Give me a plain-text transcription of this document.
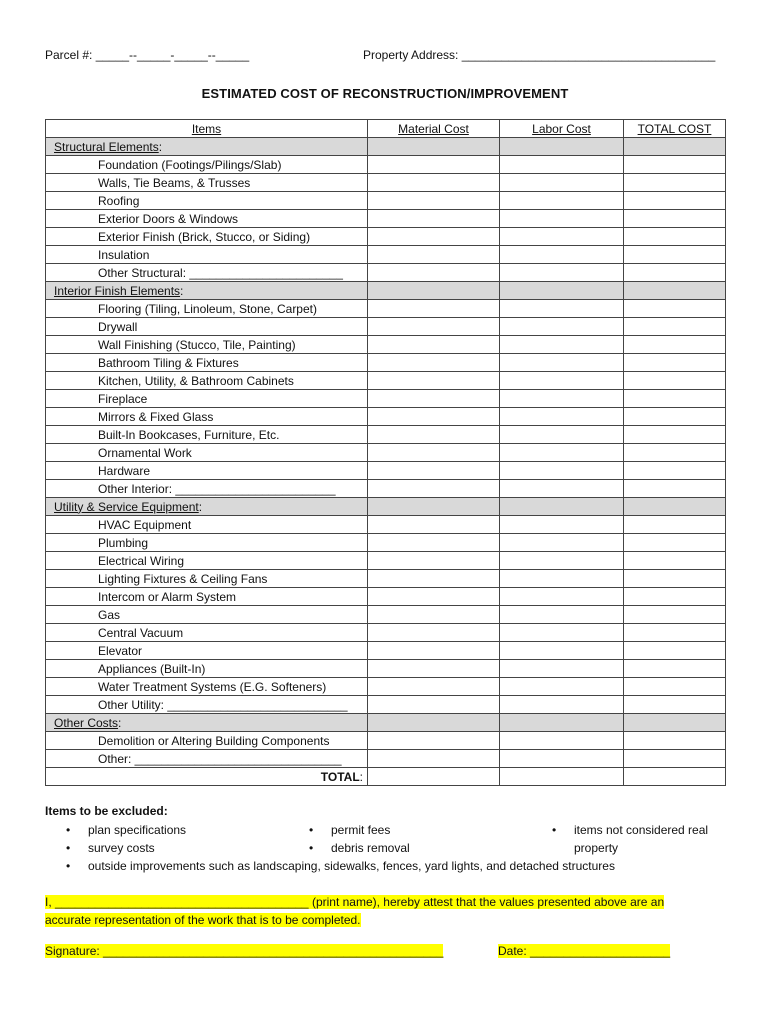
Parcel #: _____--_____-_____--_____	Property Address: ______________________________________
ESTIMATED COST OF RECONSTRUCTION/IMPROVEMENT
Items	Material Cost	Labor Cost	TOTAL COST
Structural Elements:			
Foundation (Footings/Pilings/Slab)			
Walls, Tie Beams, & Trusses			
Roofing			
Exterior Doors & Windows			
Exterior Finish (Brick, Stucco, or Siding)			
Insulation			
Other Structural: _______________________			
Interior Finish Elements:			
Flooring (Tiling, Linoleum, Stone, Carpet)			
Drywall			
Wall Finishing (Stucco, Tile, Painting)			
Bathroom Tiling & Fixtures			
Kitchen, Utility, & Bathroom Cabinets			
Fireplace			
Mirrors & Fixed Glass			
Built-In Bookcases, Furniture, Etc.			
Ornamental Work			
Hardware			
Other Interior: ________________________			
Utility & Service Equipment:			
HVAC Equipment			
Plumbing			
Electrical Wiring			
Lighting Fixtures & Ceiling Fans			
Intercom or Alarm System			
Gas			
Central Vacuum			
Elevator			
Appliances (Built-In)			
Water Treatment Systems (E.G. Softeners)			
Other Utility: ___________________________			
Other Costs:			
Demolition or Altering Building Components			
Other: _______________________________			
TOTAL:			
Items to be excluded:
•	plan specifications	•	permit fees	•	items not considered real
property
•	survey costs	•	debris removal
•	outside improvements such as landscaping, sidewalks, fences, yard lights, and detached structures
I, ______________________________________ (print name), hereby attest that the values presented above are an
accurate representation of the work that is to be completed.
Signature: ___________________________________________________	Date: _____________________
